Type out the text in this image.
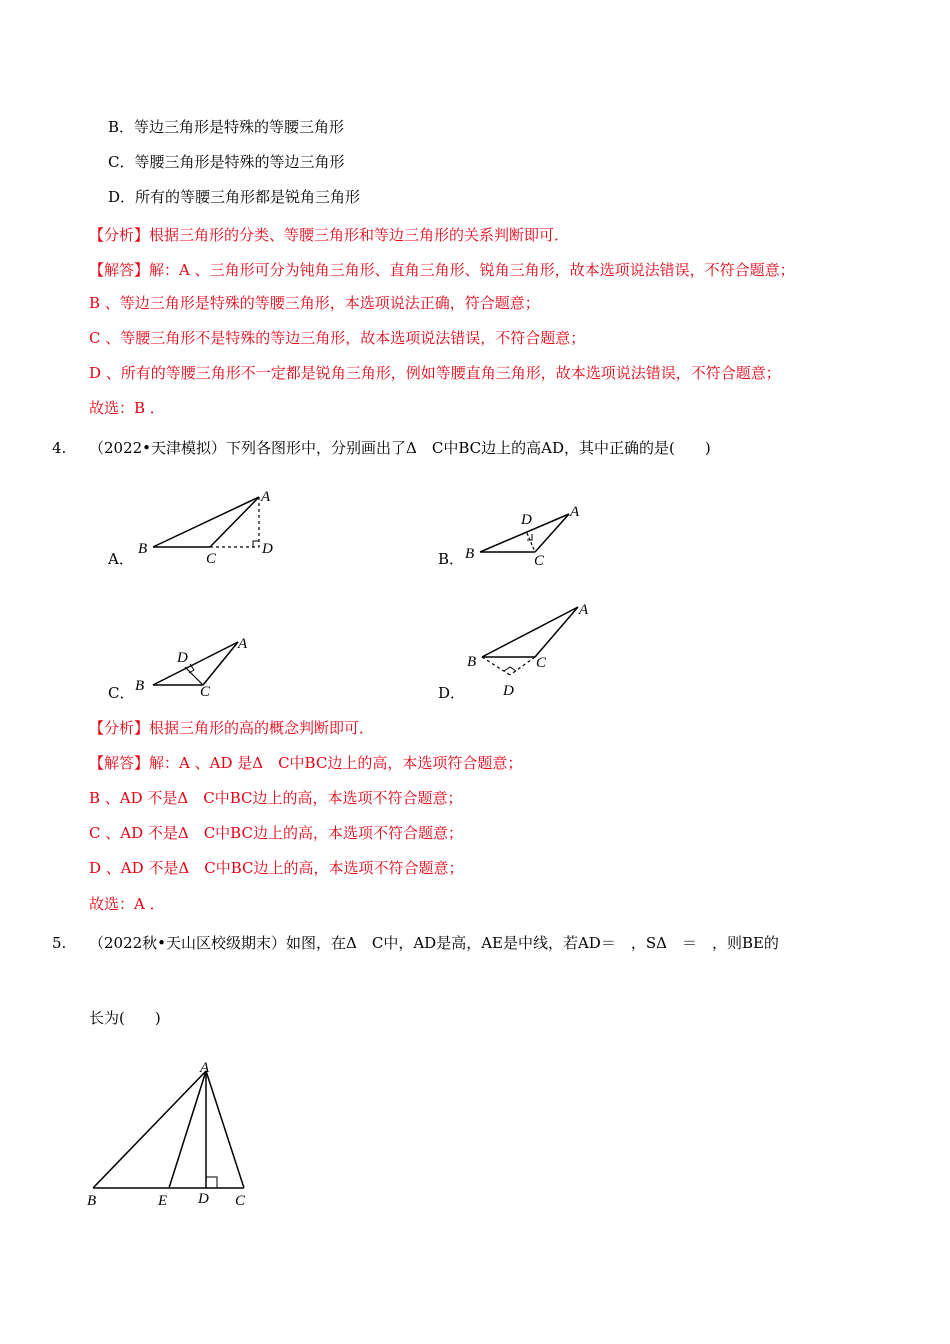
B．等边三角形是特殊的等腰三角形
C．等腰三角形是特殊的等边三角形
D．所有的等腰三角形都是锐角三角形
【分析】根据三角形的分类、等腰三角形和等边三角形的关系判断即可．
【解答】解：A 、三角形可分为钝角三角形、直角三角形、锐角三角形，故本选项说法错误，不符合题意；
B 、等边三角形是特殊的等腰三角形，本选项说法正确，符合题意；
C 、等腰三角形不是特殊的等边三角形，故本选项说法错误，不符合题意；
D 、所有的等腰三角形不一定都是锐角三角形，例如等腰直角三角形，故本选项说法错误，不符合题意；
故选：B ．
4. （2022•天津模拟）下列各图形中，分别画出了Δ　C中BC边上的高AD，其中正确的是(　　)
A．
A
B
C
D
B．
A
B	C
D
C．
A
B	C
D
D．
A
B	C
D
【分析】根据三角形的高的概念判断即可．
【解答】解：A 、AD 是Δ　C中BC边上的高，本选项符合题意；
B 、AD 不是Δ　C中BC边上的高，本选项不符合题意；
C 、AD 不是Δ　C中BC边上的高，本选项不符合题意；
D 、AD 不是Δ　C中BC边上的高，本选项不符合题意；
故选：A ．
5. （2022秋•天山区校级期末）如图，在Δ　C中，AD是高，AE是中线，若AD＝　，SΔ　＝　，则BE的
长为(　　)
A
B	E D C
